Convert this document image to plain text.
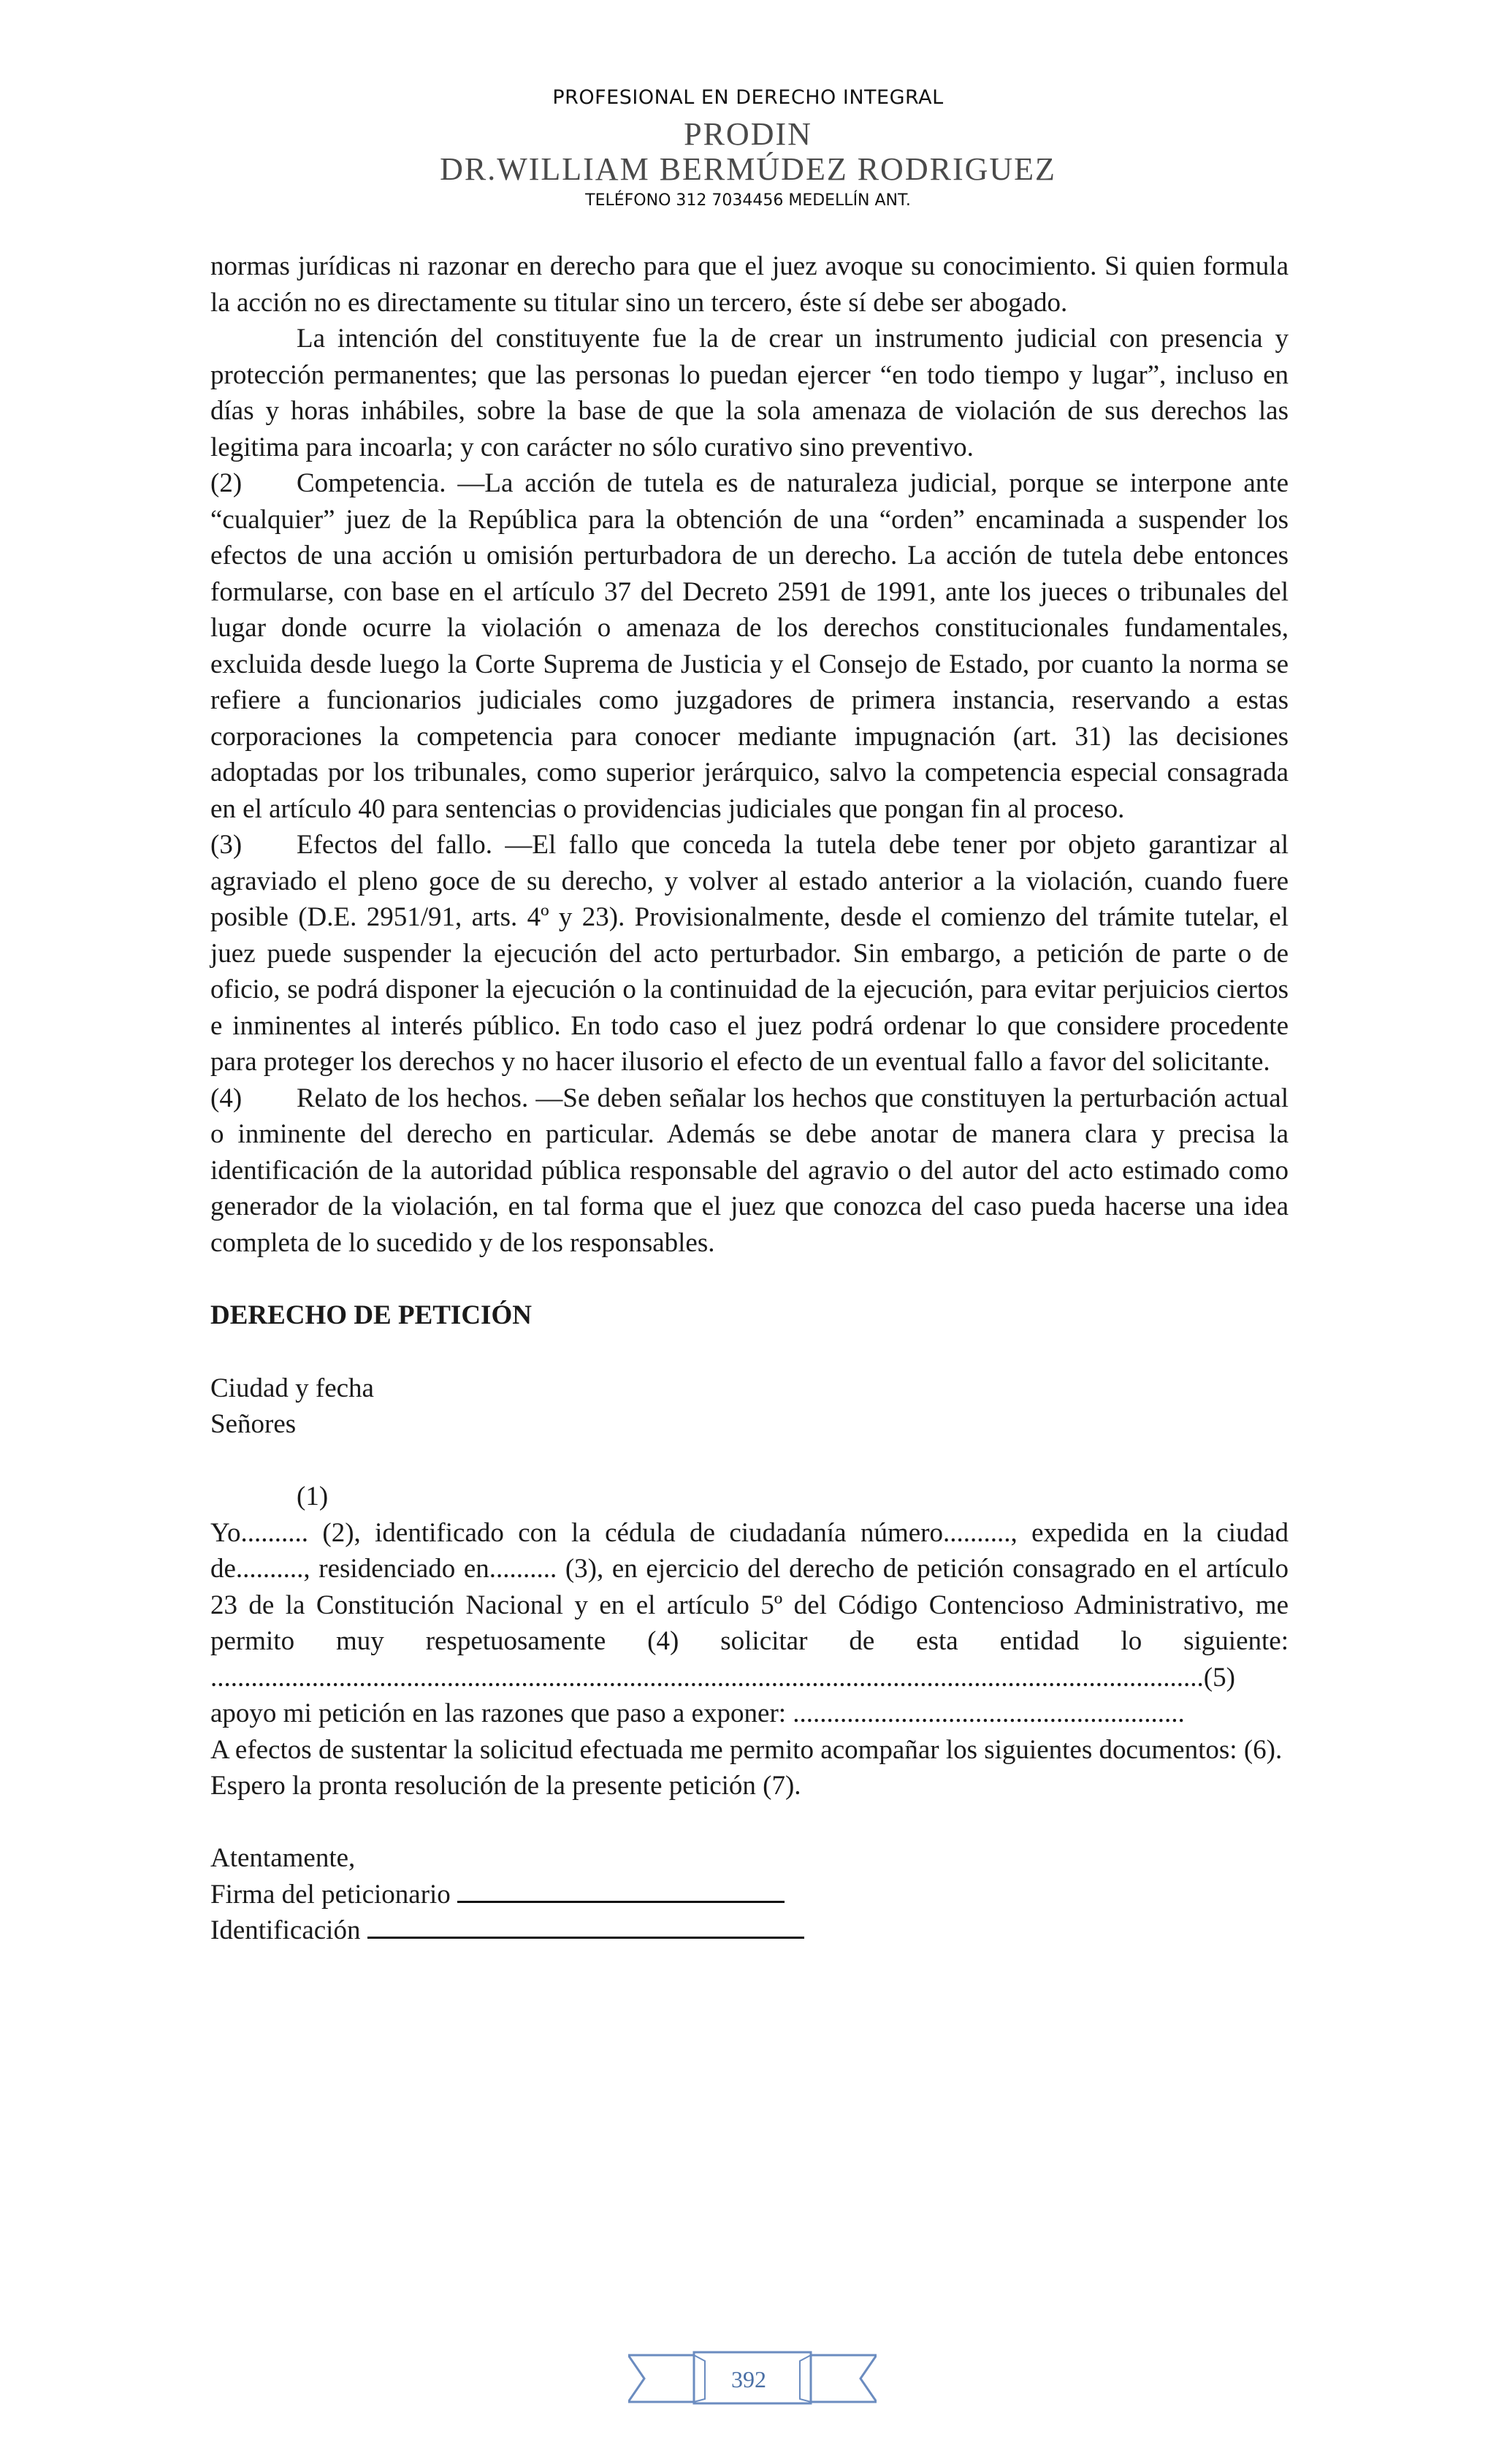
PROFESIONAL EN DERECHO INTEGRAL
PRODIN
DR.WILLIAM BERMÚDEZ RODRIGUEZ
TELÉFONO 312 7034456 MEDELLÍN ANT.

normas jurídicas ni razonar en derecho para que el juez avoque su conocimiento. Si quien formula la acción no es directamente su titular sino un tercero, éste sí debe ser abogado.

La intención del constituyente fue la de crear un instrumento judicial con presencia y protección permanentes; que las personas lo puedan ejercer “en todo tiempo y lugar”, incluso en días y horas inhábiles, sobre la base de que la sola amenaza de violación de sus derechos las legitima para incoarla; y con carácter no sólo curativo sino preventivo.

(2) Competencia. —La acción de tutela es de naturaleza judicial, porque se interpone ante “cualquier” juez de la República para la obtención de una “orden” encaminada a suspender los efectos de una acción u omisión perturbadora de un derecho. La acción de tutela debe entonces formularse, con base en el artículo 37 del Decreto 2591 de 1991, ante los jueces o tribunales del lugar donde ocurre la violación o amenaza de los derechos constitucionales fundamentales, excluida desde luego la Corte Suprema de Justicia y el Consejo de Estado, por cuanto la norma se refiere a funcionarios judiciales como juzgadores de primera instancia, reservando a estas corporaciones la competencia para conocer mediante impugnación (art. 31) las decisiones adoptadas por los tribunales, como superior jerárquico, salvo la competencia especial consagrada en el artículo 40 para sentencias o providencias judiciales que pongan fin al proceso.

(3) Efectos del fallo. —El fallo que conceda la tutela debe tener por objeto garantizar al agraviado el pleno goce de su derecho, y volver al estado anterior a la violación, cuando fuere posible (D.E. 2951/91, arts. 4º y 23). Provisionalmente, desde el comienzo del trámite tutelar, el juez puede suspender la ejecución del acto perturbador. Sin embargo, a petición de parte o de oficio, se podrá disponer la ejecución o la continuidad de la ejecución, para evitar perjuicios ciertos e inminentes al interés público. En todo caso el juez podrá ordenar lo que considere procedente para proteger los derechos y no hacer ilusorio el efecto de un eventual fallo a favor del solicitante.

(4) Relato de los hechos. —Se deben señalar los hechos que constituyen la perturbación actual o inminente del derecho en particular. Además se debe anotar de manera clara y precisa la identificación de la autoridad pública responsable del agravio o del autor del acto estimado como generador de la violación, en tal forma que el juez que conozca del caso pueda hacerse una idea completa de lo sucedido y de los responsables.

DERECHO DE PETICIÓN

Ciudad y fecha

Señores

(1)

Yo.......... (2), identificado con la cédula de ciudadanía número.........., expedida en la ciudad de.........., residenciado en.......... (3), en ejercicio del derecho de petición consagrado en el artículo 23 de la Constitución Nacional y en el artículo 5º del Código Contencioso Administrativo, me permito muy respetuosamente (4) solicitar de esta entidad lo siguiente:

...................................................................................................................................................(5)

apoyo mi petición en las razones que paso a exponer: ..........................................................

A efectos de sustentar la solicitud efectuada me permito acompañar los siguientes documentos: (6).

Espero la pronta resolución de la presente petición (7).

Atentamente,

Firma del peticionario

Identificación

392
